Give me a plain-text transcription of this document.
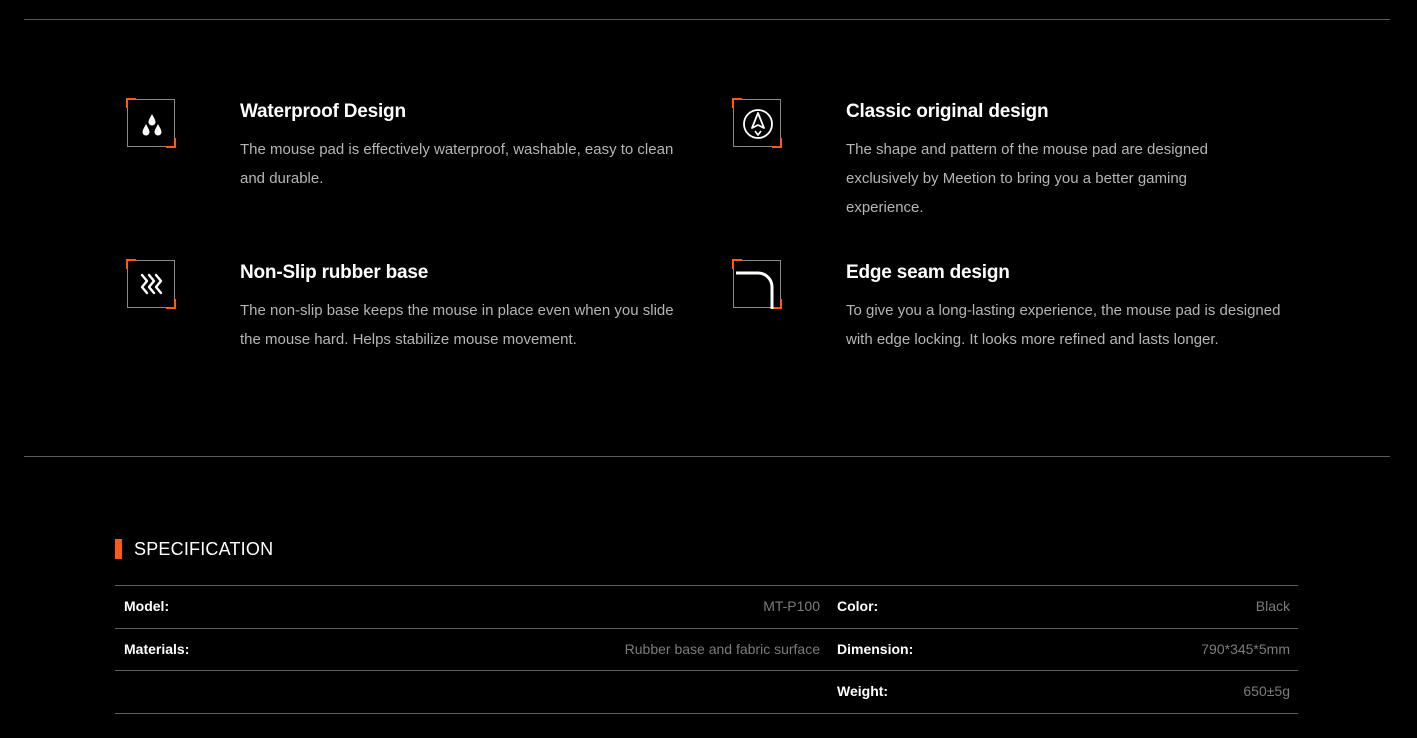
Waterproof Design
The mouse pad is effectively waterproof, washable, easy to clean and durable.
Classic original design
The shape and pattern of the mouse pad are designed exclusively by Meetion to bring you a better gaming experience.
Non-Slip rubber base
The non-slip base keeps the mouse in place even when you slide the mouse hard. Helps stabilize mouse movement.
Edge seam design
To give you a long-lasting experience, the mouse pad is designed with edge locking. It looks more refined and lasts longer.
SPECIFICATION
Model:	MT-P100 Color:	Black
Materials:	Rubber base and fabric surface Dimension:	790*345*5mm
Weight:	650±5g
